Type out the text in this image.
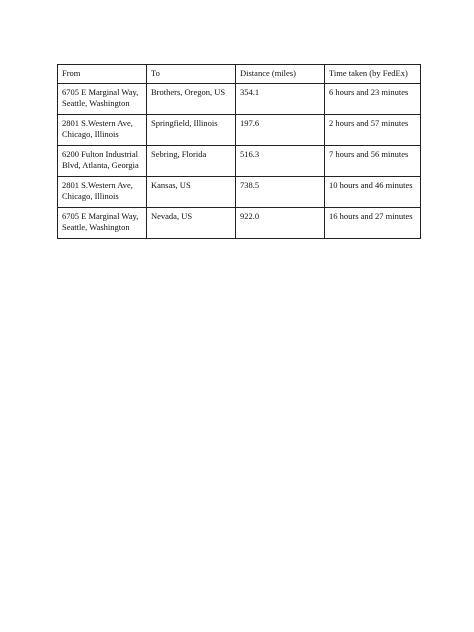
From	To	Distance (miles)	Time taken (by FedEx)

6705 E Marginal Way,
Seattle, Washington	Brothers, Oregon, US	354.1	6 hours and 23 minutes

2801 S.Western Ave,
Chicago, Illinois	Springfield, Illinois	197.6	2 hours and 57 minutes

6200 Fulton Industrial
Blvd, Atlanta, Georgia	Sebring, Florida	516.3	7 hours and 56 minutes

2801 S.Western Ave,
Chicago, Illinois	Kansas, US	738.5	10 hours and 46 minutes

6705 E Marginal Way,
Seattle, Washington	Nevada, US	922.0	16 hours and 27 minutes
